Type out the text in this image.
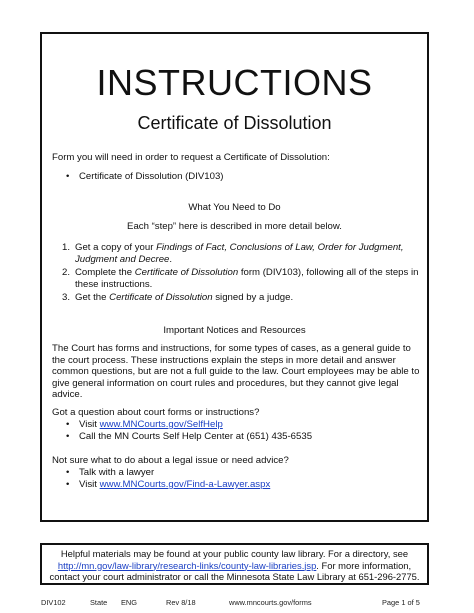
INSTRUCTIONS
Certificate of Dissolution
Form you will need in order to request a Certificate of Dissolution:
• Certificate of Dissolution (DIV103)
What You Need to Do
Each “step” here is described in more detail below.
1. Get a copy of your Findings of Fact, Conclusions of Law, Order for Judgment, Judgment and Decree.
2. Complete the Certificate of Dissolution form (DIV103), following all of the steps in these instructions.
3. Get the Certificate of Dissolution signed by a judge.
Important Notices and Resources
The Court has forms and instructions, for some types of cases, as a general guide to the court process. These instructions explain the steps in more detail and answer common questions, but are not a full guide to the law. Court employees may be able to give general information on court rules and procedures, but they cannot give legal advice.
Got a question about court forms or instructions?
• Visit www.MNCourts.gov/SelfHelp
• Call the MN Courts Self Help Center at (651) 435-6535
Not sure what to do about a legal issue or need advice?
• Talk with a lawyer
• Visit www.MNCourts.gov/Find-a-Lawyer.aspx
Helpful materials may be found at your public county law library. For a directory, see http://mn.gov/law-library/research-links/county-law-libraries.jsp. For more information, contact your court administrator or call the Minnesota State Law Library at 651-296-2775.
DIV102	State ENG	Rev 8/18	www.mncourts.gov/forms	Page 1 of 5
